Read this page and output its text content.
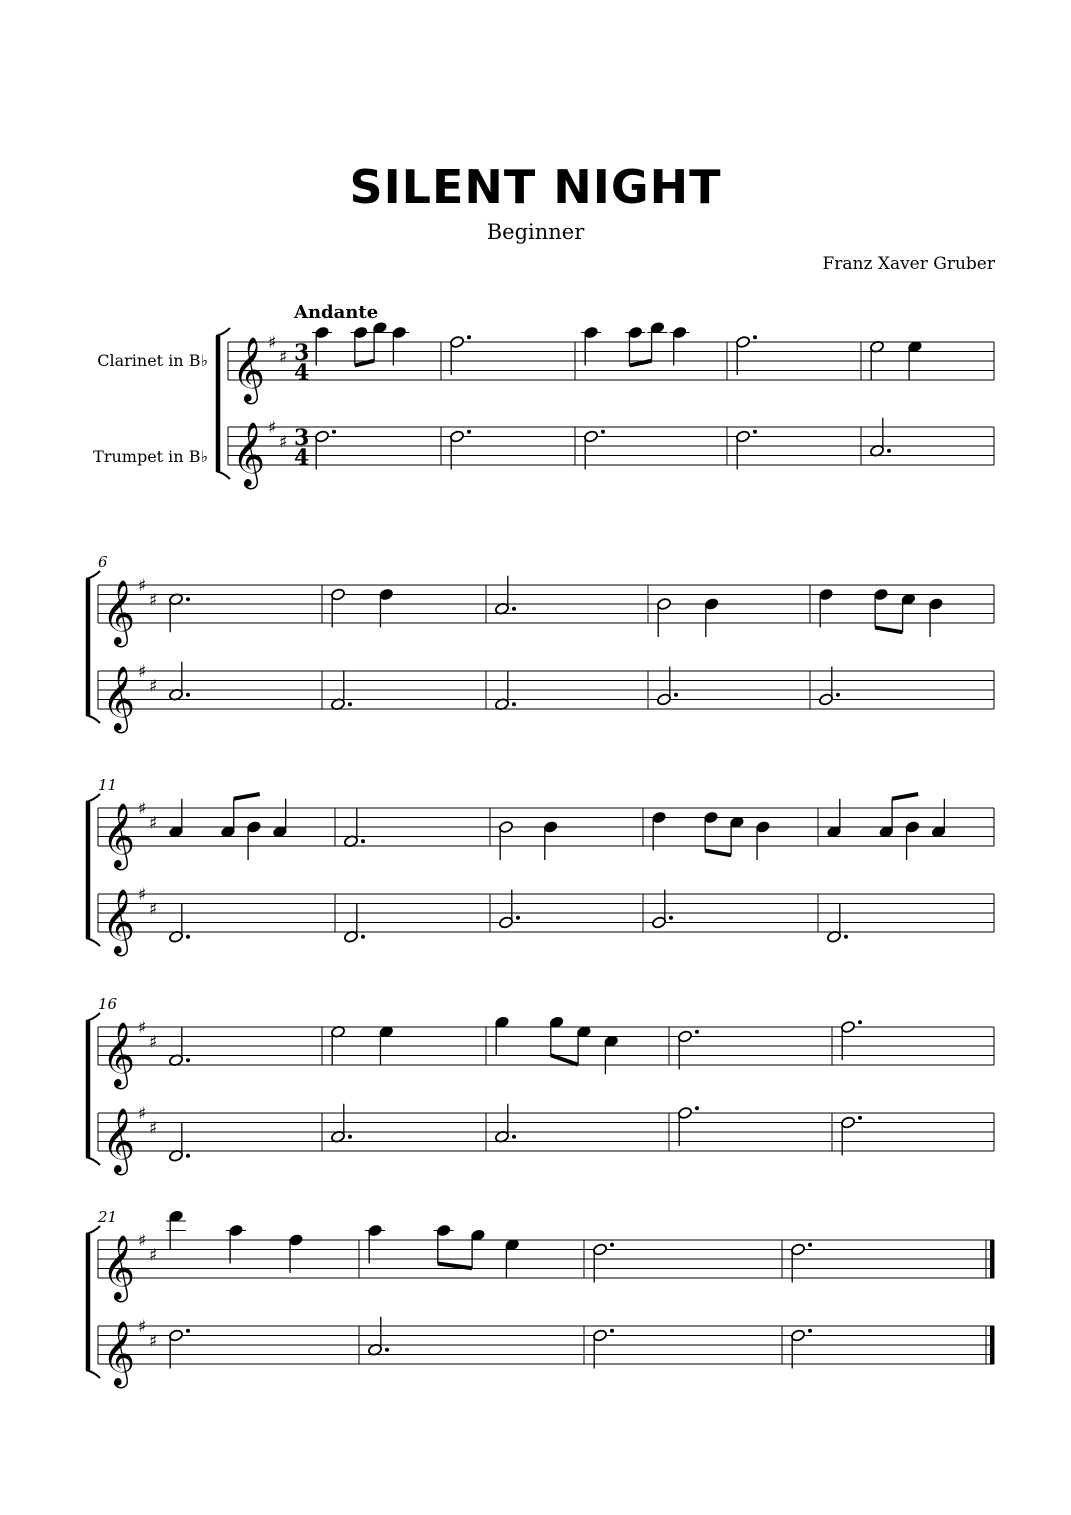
SILENT NIGHT
Beginner
Franz Xaver Gruber
𝄞 ♯
♯ 3
4
𝄞 ♯
♯ 3
4
6
𝄞 ♯
♯
𝄞 ♯
♯
11
𝄞 ♯
♯
𝄞 ♯
♯
16
𝄞 ♯
♯
𝄞 ♯
♯
21
𝄞 ♯
♯
𝄞 ♯
♯
Clarinet in B♭
Trumpet in B♭
Andante
